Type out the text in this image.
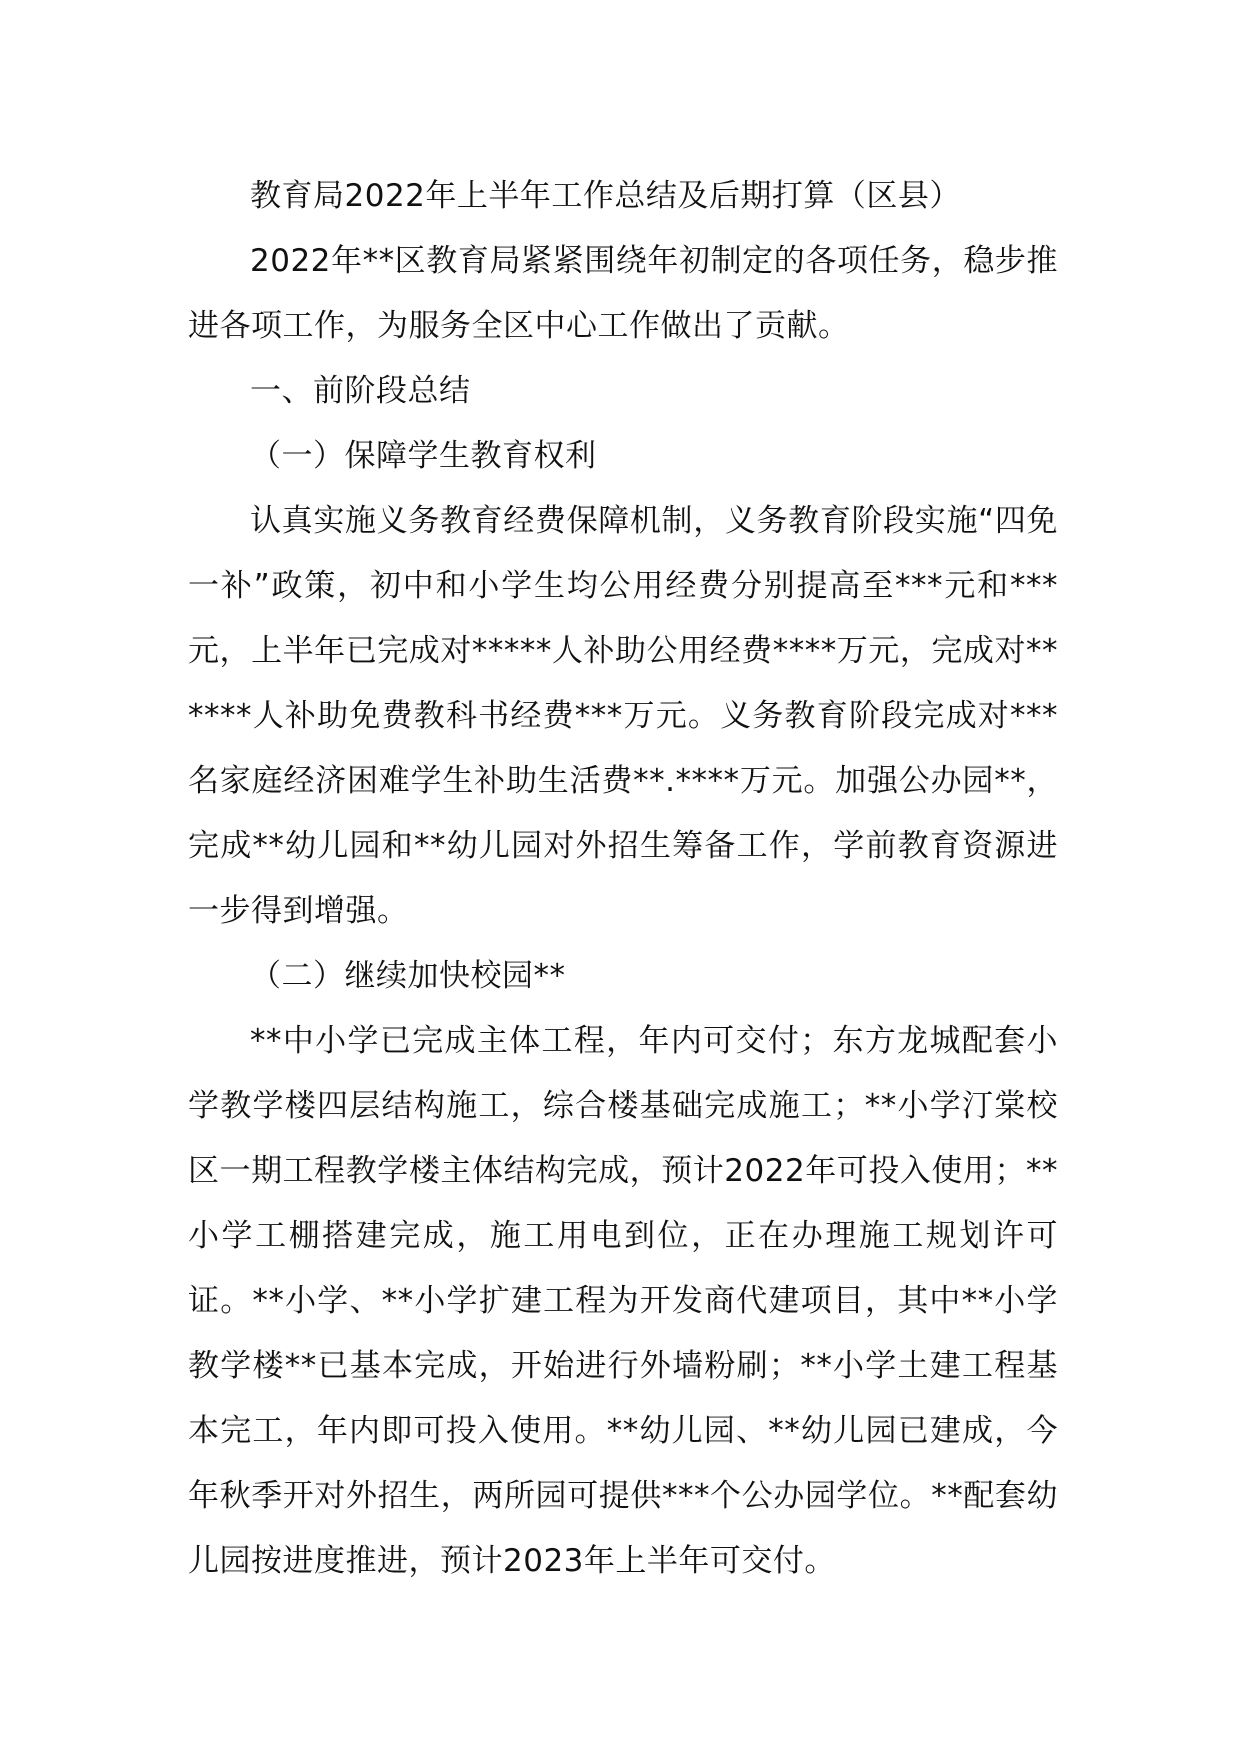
教育局2022年上半年工作总结及后期打算（区县）

2022年**区教育局紧紧围绕年初制定的各项任务，稳步推进各项工作，为服务全区中心工作做出了贡献。

一、前阶段总结

（一）保障学生教育权利

认真实施义务教育经费保障机制，义务教育阶段实施“四免一补”政策，初中和小学生均公用经费分别提高至***元和***元，上半年已完成对*****人补助公用经费****万元，完成对******人补助免费教科书经费***万元。义务教育阶段完成对***名家庭经济困难学生补助生活费**.****万元。加强公办园**，完成**幼儿园和**幼儿园对外招生筹备工作，学前教育资源进一步得到增强。

（二）继续加快校园**

**中小学已完成主体工程，年内可交付；东方龙城配套小学教学楼四层结构施工，综合楼基础完成施工；**小学汀棠校区一期工程教学楼主体结构完成，预计2022年可投入使用；**小学工棚搭建完成，施工用电到位，正在办理施工规划许可证。**小学、**小学扩建工程为开发商代建项目，其中**小学教学楼**已基本完成，开始进行外墙粉刷；**小学土建工程基本完工，年内即可投入使用。**幼儿园、**幼儿园已建成，今年秋季开对外招生，两所园可提供***个公办园学位。**配套幼儿园按进度推进，预计2023年上半年可交付。
